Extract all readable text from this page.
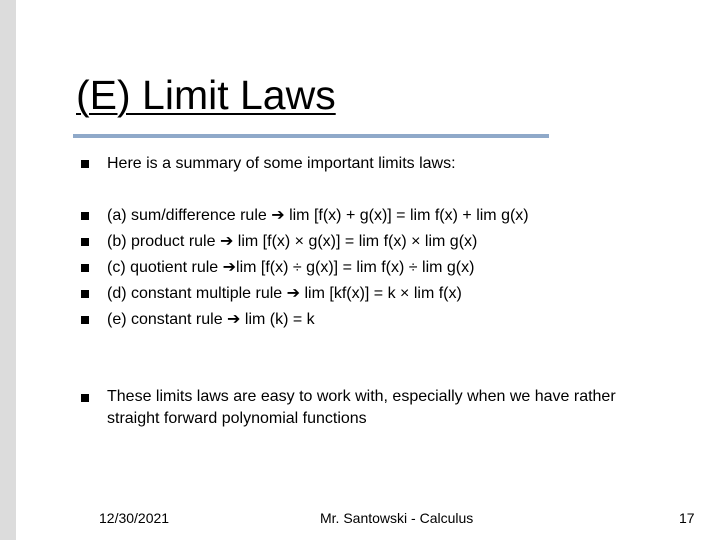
(E) Limit Laws
Here is a summary of some important limits laws:
(a) sum/difference rule ➔ lim [f(x) + g(x)] = lim f(x) + lim g(x)
(b) product rule ➔ lim [f(x) × g(x)] = lim f(x) × lim g(x)
(c) quotient rule ➔lim [f(x) ÷ g(x)] = lim f(x) ÷ lim g(x)
(d) constant multiple rule ➔ lim [kf(x)] = k × lim f(x)
(e) constant rule ➔ lim (k) = k
These limits laws are easy to work with, especially when we have rather
straight forward polynomial functions
12/30/2021	Mr. Santowski - Calculus	17
